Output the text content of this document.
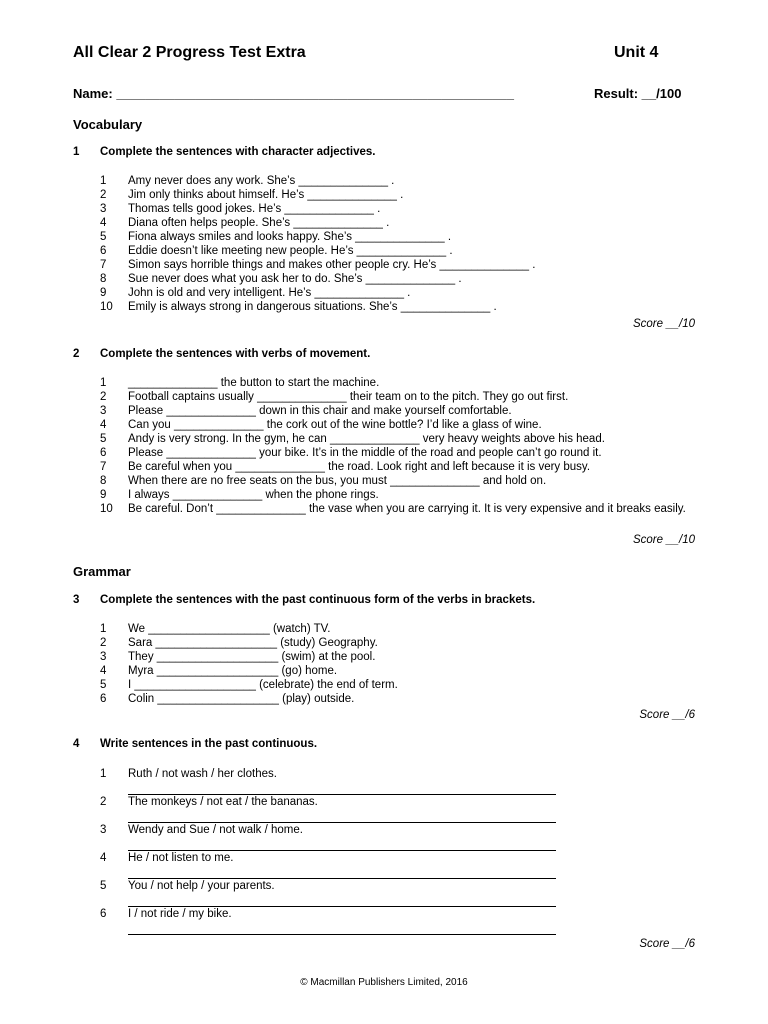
All Clear 2 Progress Test Extra	Unit 4
Name: _______________________________________________________	Result: __/100
Vocabulary
1 Complete the sentences with character adjectives.
1	Amy never does any work. She’s ______________ .
2	Jim only thinks about himself. He’s ______________ .
3	Thomas tells good jokes. He’s ______________ .
4	Diana often helps people. She’s ______________ .
5	Fiona always smiles and looks happy. She’s ______________ .
6	Eddie doesn’t like meeting new people. He’s ______________ .
7	Simon says horrible things and makes other people cry. He’s ______________ .
8	Sue never does what you ask her to do. She’s ______________ .
9	John is old and very intelligent. He’s ______________ .
10	Emily is always strong in dangerous situations. She’s ______________ .
Score __/10
2 Complete the sentences with verbs of movement.
1	______________ the button to start the machine.
2	Football captains usually ______________ their team on to the pitch. They go out first.
3	Please ______________ down in this chair and make yourself comfortable.
4	Can you ______________ the cork out of the wine bottle? I’d like a glass of wine.
5	Andy is very strong. In the gym, he can ______________ very heavy weights above his head.
6	Please ______________ your bike. It’s in the middle of the road and people can’t go round it.
7	Be careful when you ______________ the road. Look right and left because it is very busy.
8	When there are no free seats on the bus, you must ______________ and hold on.
9	I always ______________ when the phone rings.
10	Be careful. Don’t ______________ the vase when you are carrying it. It is very expensive and it breaks easily.
Score __/10
Grammar
3 Complete the sentences with the past continuous form of the verbs in brackets.
1	We ___________________ (watch) TV.
2	Sara ___________________ (study) Geography.
3	They ___________________ (swim) at the pool.
4	Myra ___________________ (go) home.
5	I ___________________ (celebrate) the end of term.
6	Colin ___________________ (play) outside.
Score __/6
4 Write sentences in the past continuous.
1	Ruth / not wash / her clothes.
2	The monkeys / not eat / the bananas.
3	Wendy and Sue / not walk / home.
4	He / not listen to me.
5	You / not help / your parents.
6	I / not ride / my bike.
Score __/6
© Macmillan Publishers Limited, 2016
